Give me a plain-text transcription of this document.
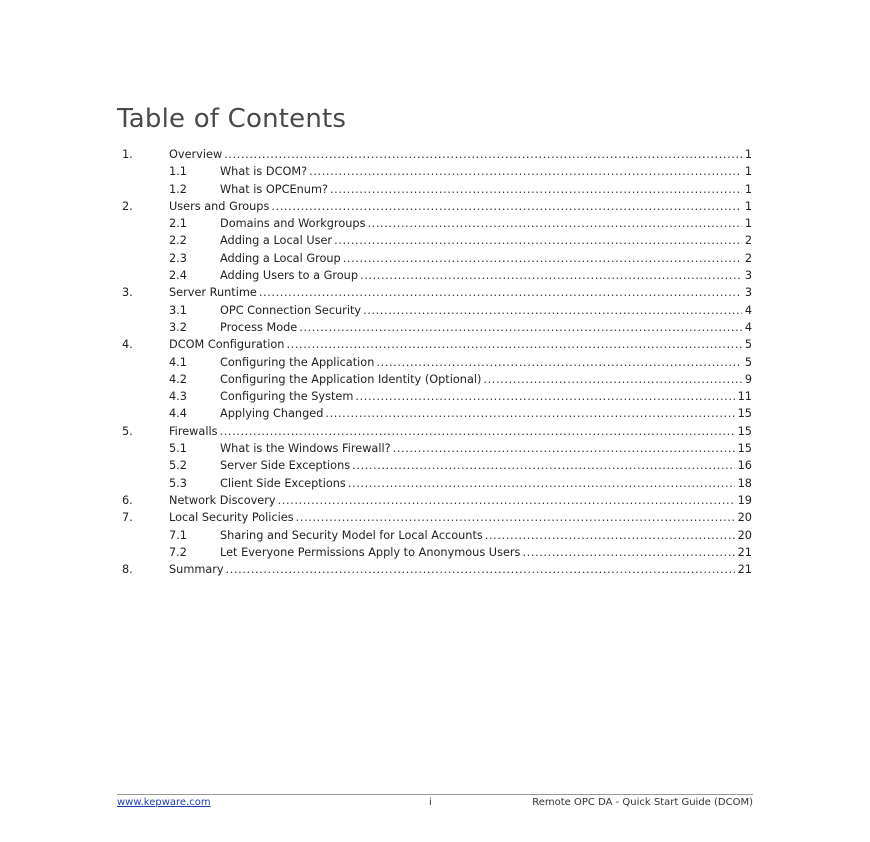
Table of Contents
1.	Overview .....	1
1.1	What is DCOM? .....	1
1.2	What is OPCEnum? .....	1
2.	Users and Groups .....	1
2.1	Domains and Workgroups .....	1
2.2	Adding a Local User .....	2
2.3	Adding a Local Group .....	2
2.4	Adding Users to a Group .....	3
3.	Server Runtime .....	3
3.1	OPC Connection Security .....	4
3.2	Process Mode .....	4
4.	DCOM Configuration .....	5
4.1	Configuring the Application .....	5
4.2	Configuring the Application Identity (Optional) .....	9
4.3	Configuring the System .....	11
4.4	Applying Changed .....	15
5.	Firewalls .....	15
5.1	What is the Windows Firewall? .....	15
5.2	Server Side Exceptions .....	16
5.3	Client Side Exceptions .....	18
6.	Network Discovery .....	19
7.	Local Security Policies .....	20
7.1	Sharing and Security Model for Local Accounts .....	20
7.2	Let Everyone Permissions Apply to Anonymous Users .....	21
8.	Summary .....	21
www.kepware.com	i	Remote OPC DA - Quick Start Guide (DCOM)
